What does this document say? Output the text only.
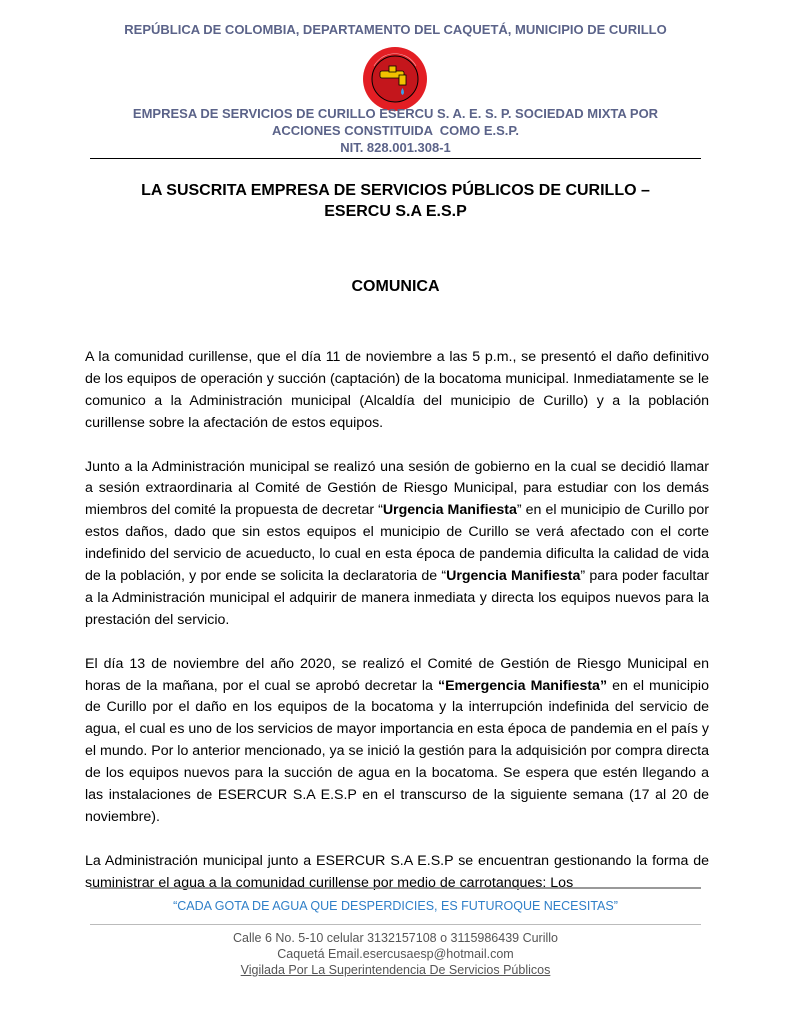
REPÚBLICA DE COLOMBIA, DEPARTAMENTO DEL CAQUETÁ, MUNICIPIO DE CURILLO
EMPRESA DE SERVICIOS DE CURILLO ESERCU S. A. E. S. P. SOCIEDAD MIXTA POR
ACCIONES CONSTITUIDA  COMO E.S.P.
NIT. 828.001.308-1
LA SUSCRITA EMPRESA DE SERVICIOS PÚBLICOS DE CURILLO –
ESERCU S.A E.S.P
COMUNICA

A la comunidad curillense, que el día 11 de noviembre a las 5 p.m., se presentó el daño definitivo de los equipos de operación y succión (captación) de la bocatoma municipal. Inmediatamente se le comunico a la Administración municipal (Alcaldía del municipio de Curillo) y a la población curillense sobre la afectación de estos equipos.

Junto a la Administración municipal se realizó una sesión de gobierno en la cual se decidió llamar a sesión extraordinaria al Comité de Gestión de Riesgo Municipal, para estudiar con los demás miembros del comité la propuesta de decretar “Urgencia Manifiesta” en el municipio de Curillo por estos daños, dado que sin estos equipos el municipio de Curillo se verá afectado con el corte indefinido del servicio de acueducto, lo cual en esta época de pandemia dificulta la calidad de vida de la población, y por ende se solicita la declaratoria de “Urgencia Manifiesta” para poder facultar a la Administración municipal el adquirir de manera inmediata y directa los equipos nuevos para la prestación del servicio.

El día 13 de noviembre del año 2020, se realizó el Comité de Gestión de Riesgo Municipal en horas de la mañana, por el cual se aprobó decretar la “Emergencia Manifiesta” en el municipio de Curillo por el daño en los equipos de la bocatoma y la interrupción indefinida del servicio de agua, el cual es uno de los servicios de mayor importancia en esta época de pandemia en el país y el mundo. Por lo anterior mencionado, ya se inició la gestión para la adquisición por compra directa de los equipos nuevos para la succión de agua en la bocatoma. Se espera que estén llegando a las instalaciones de ESERCUR S.A E.S.P en el transcurso de la siguiente semana (17 al 20 de noviembre).

La Administración municipal junto a ESERCUR S.A E.S.P se encuentran gestionando la forma de suministrar el agua a la comunidad curillense por medio de carrotanques: Los

“CADA GOTA DE AGUA QUE DESPERDICIES, ES FUTUROQUE NECESITAS”
Calle 6 No. 5-10 celular 3132157108 o 3115986439 Curillo
Caquetá Email.esercusaesp@hotmail.com
Vigilada Por La Superintendencia De Servicios Públicos
